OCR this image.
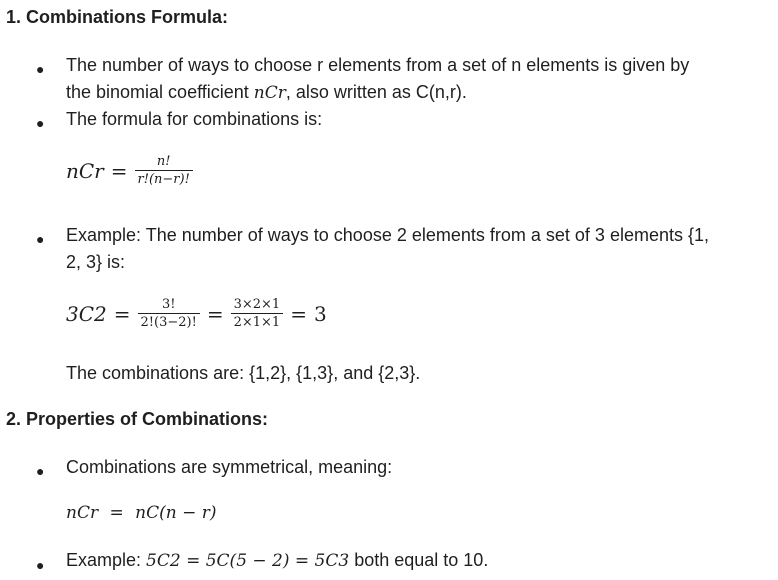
1. Combinations Formula:
● The number of ways to choose r elements from a set of n elements is given by
the binomial coefficient nCr, also written as C(n,r).
● The formula for combinations is:
nCr = $\frac{n!}{r!(n-r)!}$
● Example: The number of ways to choose 2 elements from a set of 3 elements {1,
2, 3} is:
$3C2 = \frac{3!}{2!(3-2)!} = \frac{3\times 2\times 1}{2\times 1\times 1} = 3$
The combinations are: {1,2}, {1,3}, and {2,3}.
2. Properties of Combinations:
● Combinations are symmetrical, meaning:
nCr = nC(n − r)
● Example: 5C2 = 5C(5 − 2) = 5C3 both equal to 10.
